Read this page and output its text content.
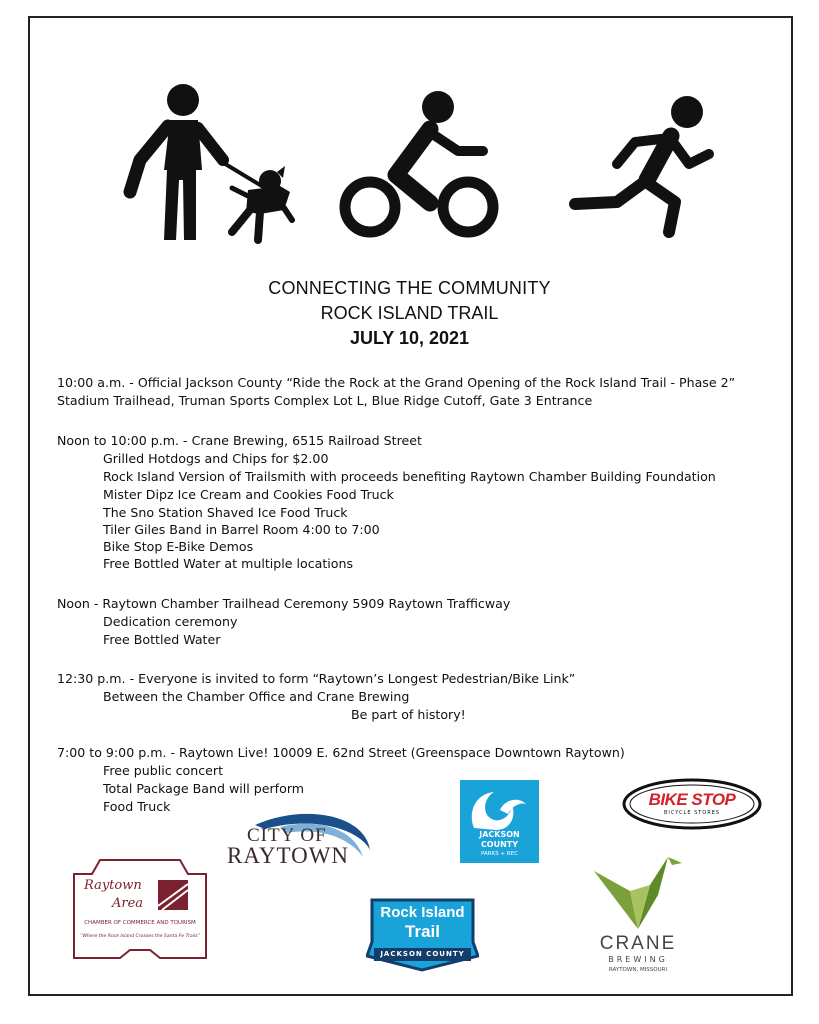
CONNECTING THE COMMUNITY
ROCK ISLAND TRAIL
JULY 10, 2021
10:00 a.m. - Official Jackson County “Ride the Rock at the Grand Opening of the Rock Island Trail - Phase 2”
Stadium Trailhead, Truman Sports Complex Lot L, Blue Ridge Cutoff, Gate 3 Entrance
Noon to 10:00 p.m. - Crane Brewing, 6515 Railroad Street
Grilled Hotdogs and Chips for $2.00
Rock Island Version of Trailsmith with proceeds benefiting Raytown Chamber Building Foundation
Mister Dipz Ice Cream and Cookies Food Truck
The Sno Station Shaved Ice Food Truck
Tiler Giles Band in Barrel Room 4:00 to 7:00
Bike Stop E-Bike Demos
Free Bottled Water at multiple locations
Noon - Raytown Chamber Trailhead Ceremony 5909 Raytown Trafficway
Dedication ceremony
Free Bottled Water
12:30 p.m. - Everyone is invited to form “Raytown’s Longest Pedestrian/Bike Link”
Between the Chamber Office and Crane Brewing
Be part of history!
7:00 to 9:00 p.m. - Raytown Live! 10009 E. 62nd Street (Greenspace Downtown Raytown)
Free public concert
Total Package Band will perform
Food Truck
CITY OF
RAYTOWN
JACKSON
COUNTY
PARKS + REC
BIKE STOP
BICYCLE STORES
Raytown
Area
CHAMBER OF COMMERCE AND TOURISM
“Where the Rock Island Crosses the Santa Fe Trails”
Rock Island
Trail
JACKSON COUNTY	CRANE
BREWING
RAYTOWN, MISSOURI
